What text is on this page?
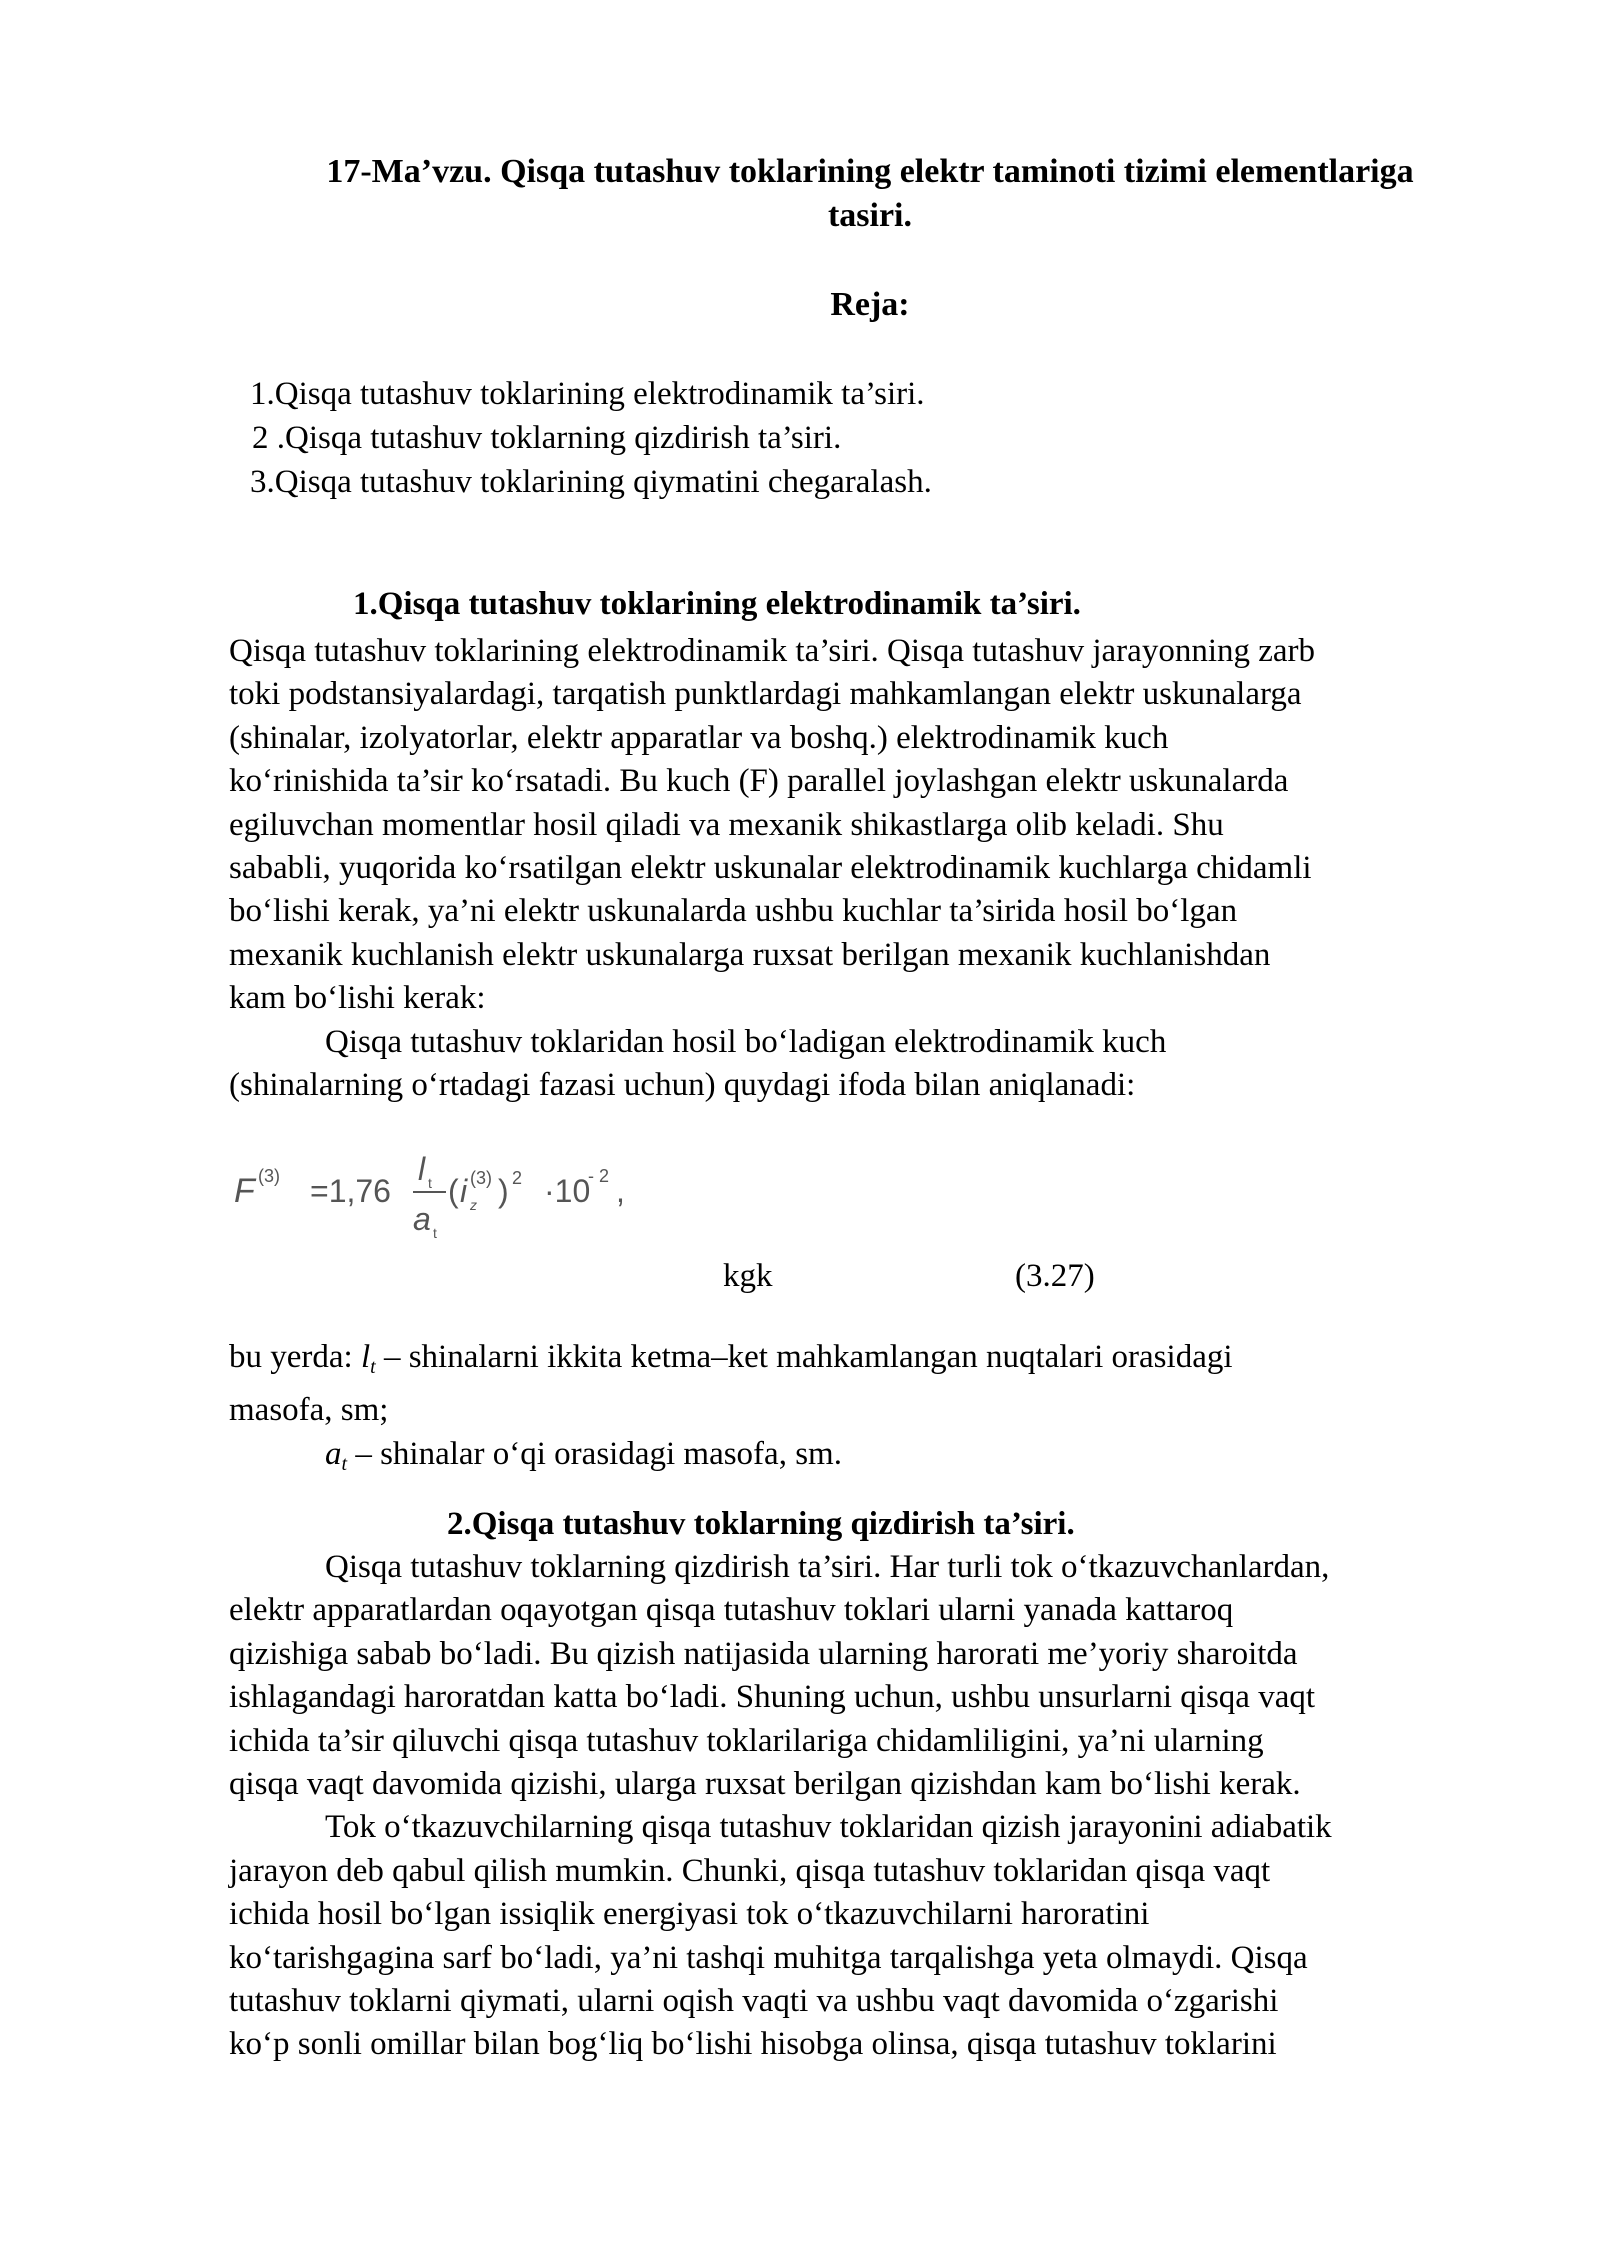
17-Ma’vzu. Qisqa tutashuv toklarining elektr taminoti tizimi elementlariga
tasiri.
Reja:
1.Qisqa tutashuv toklarining elektrodinamik ta’siri.
2 .Qisqa tutashuv toklarning qizdirish ta’siri.
3.Qisqa tutashuv toklarining qiymatini chegaralash.
1.Qisqa tutashuv toklarining elektrodinamik ta’siri.
Qisqa tutashuv toklarining elektrodinamik ta’siri. Qisqa tutashuv jarayonning zarb
toki podstansiyalardagi, tarqatish punktlardagi mahkamlangan elektr uskunalarga
(shinalar, izolyatorlar, elektr apparatlar va boshq.) elektrodinamik kuch
ko‘rinishida ta’sir ko‘rsatadi. Bu kuch (F) parallel joylashgan elektr uskunalarda
egiluvchan momentlar hosil qiladi va mexanik shikastlarga olib keladi. Shu
sababli, yuqorida ko‘rsatilgan elektr uskunalar elektrodinamik kuchlarga chidamli
bo‘lishi kerak, ya’ni elektr uskunalarda ushbu kuchlar ta’sirida hosil bo‘lgan
mexanik kuchlanish elektr uskunalarga ruxsat berilgan mexanik kuchlanishdan
kam bo‘lishi kerak:
Qisqa tutashuv toklaridan hosil bo‘ladigan elektrodinamik kuch
(shinalarning o‘rtadagi fazasi uchun) quydagi ifoda bilan aniqlanadi:
F (3) =1,76
l t
a t
( i (3)
z ) 2 ·10
- 2 ,
kgk	(3.27)
bu yerda: $l_t$ – shinalarni ikkita ketma–ket mahkamlangan nuqtalari orasidagi
masofa, sm;
$a_t$ – shinalar o‘qi orasidagi masofa, sm.
2.Qisqa tutashuv toklarning qizdirish ta’siri.
Qisqa tutashuv toklarning qizdirish ta’siri. Har turli tok o‘tkazuvchanlardan,
elektr apparatlardan oqayotgan qisqa tutashuv toklari ularni yanada kattaroq
qizishiga sabab bo‘ladi. Bu qizish natijasida ularning harorati me’yoriy sharoitda
ishlagandagi haroratdan katta bo‘ladi. Shuning uchun, ushbu unsurlarni qisqa vaqt
ichida ta’sir qiluvchi qisqa tutashuv toklarilariga chidamliligini, ya’ni ularning
qisqa vaqt davomida qizishi, ularga ruxsat berilgan qizishdan kam bo‘lishi kerak.
Tok o‘tkazuvchilarning qisqa tutashuv toklaridan qizish jarayonini adiabatik
jarayon deb qabul qilish mumkin. Chunki, qisqa tutashuv toklaridan qisqa vaqt
ichida hosil bo‘lgan issiqlik energiyasi tok o‘tkazuvchilarni haroratini
ko‘tarishgagina sarf bo‘ladi, ya’ni tashqi muhitga tarqalishga yeta olmaydi. Qisqa
tutashuv toklarni qiymati, ularni oqish vaqti va ushbu vaqt davomida o‘zgarishi
ko‘p sonli omillar bilan bog‘liq bo‘lishi hisobga olinsa, qisqa tutashuv toklarini
